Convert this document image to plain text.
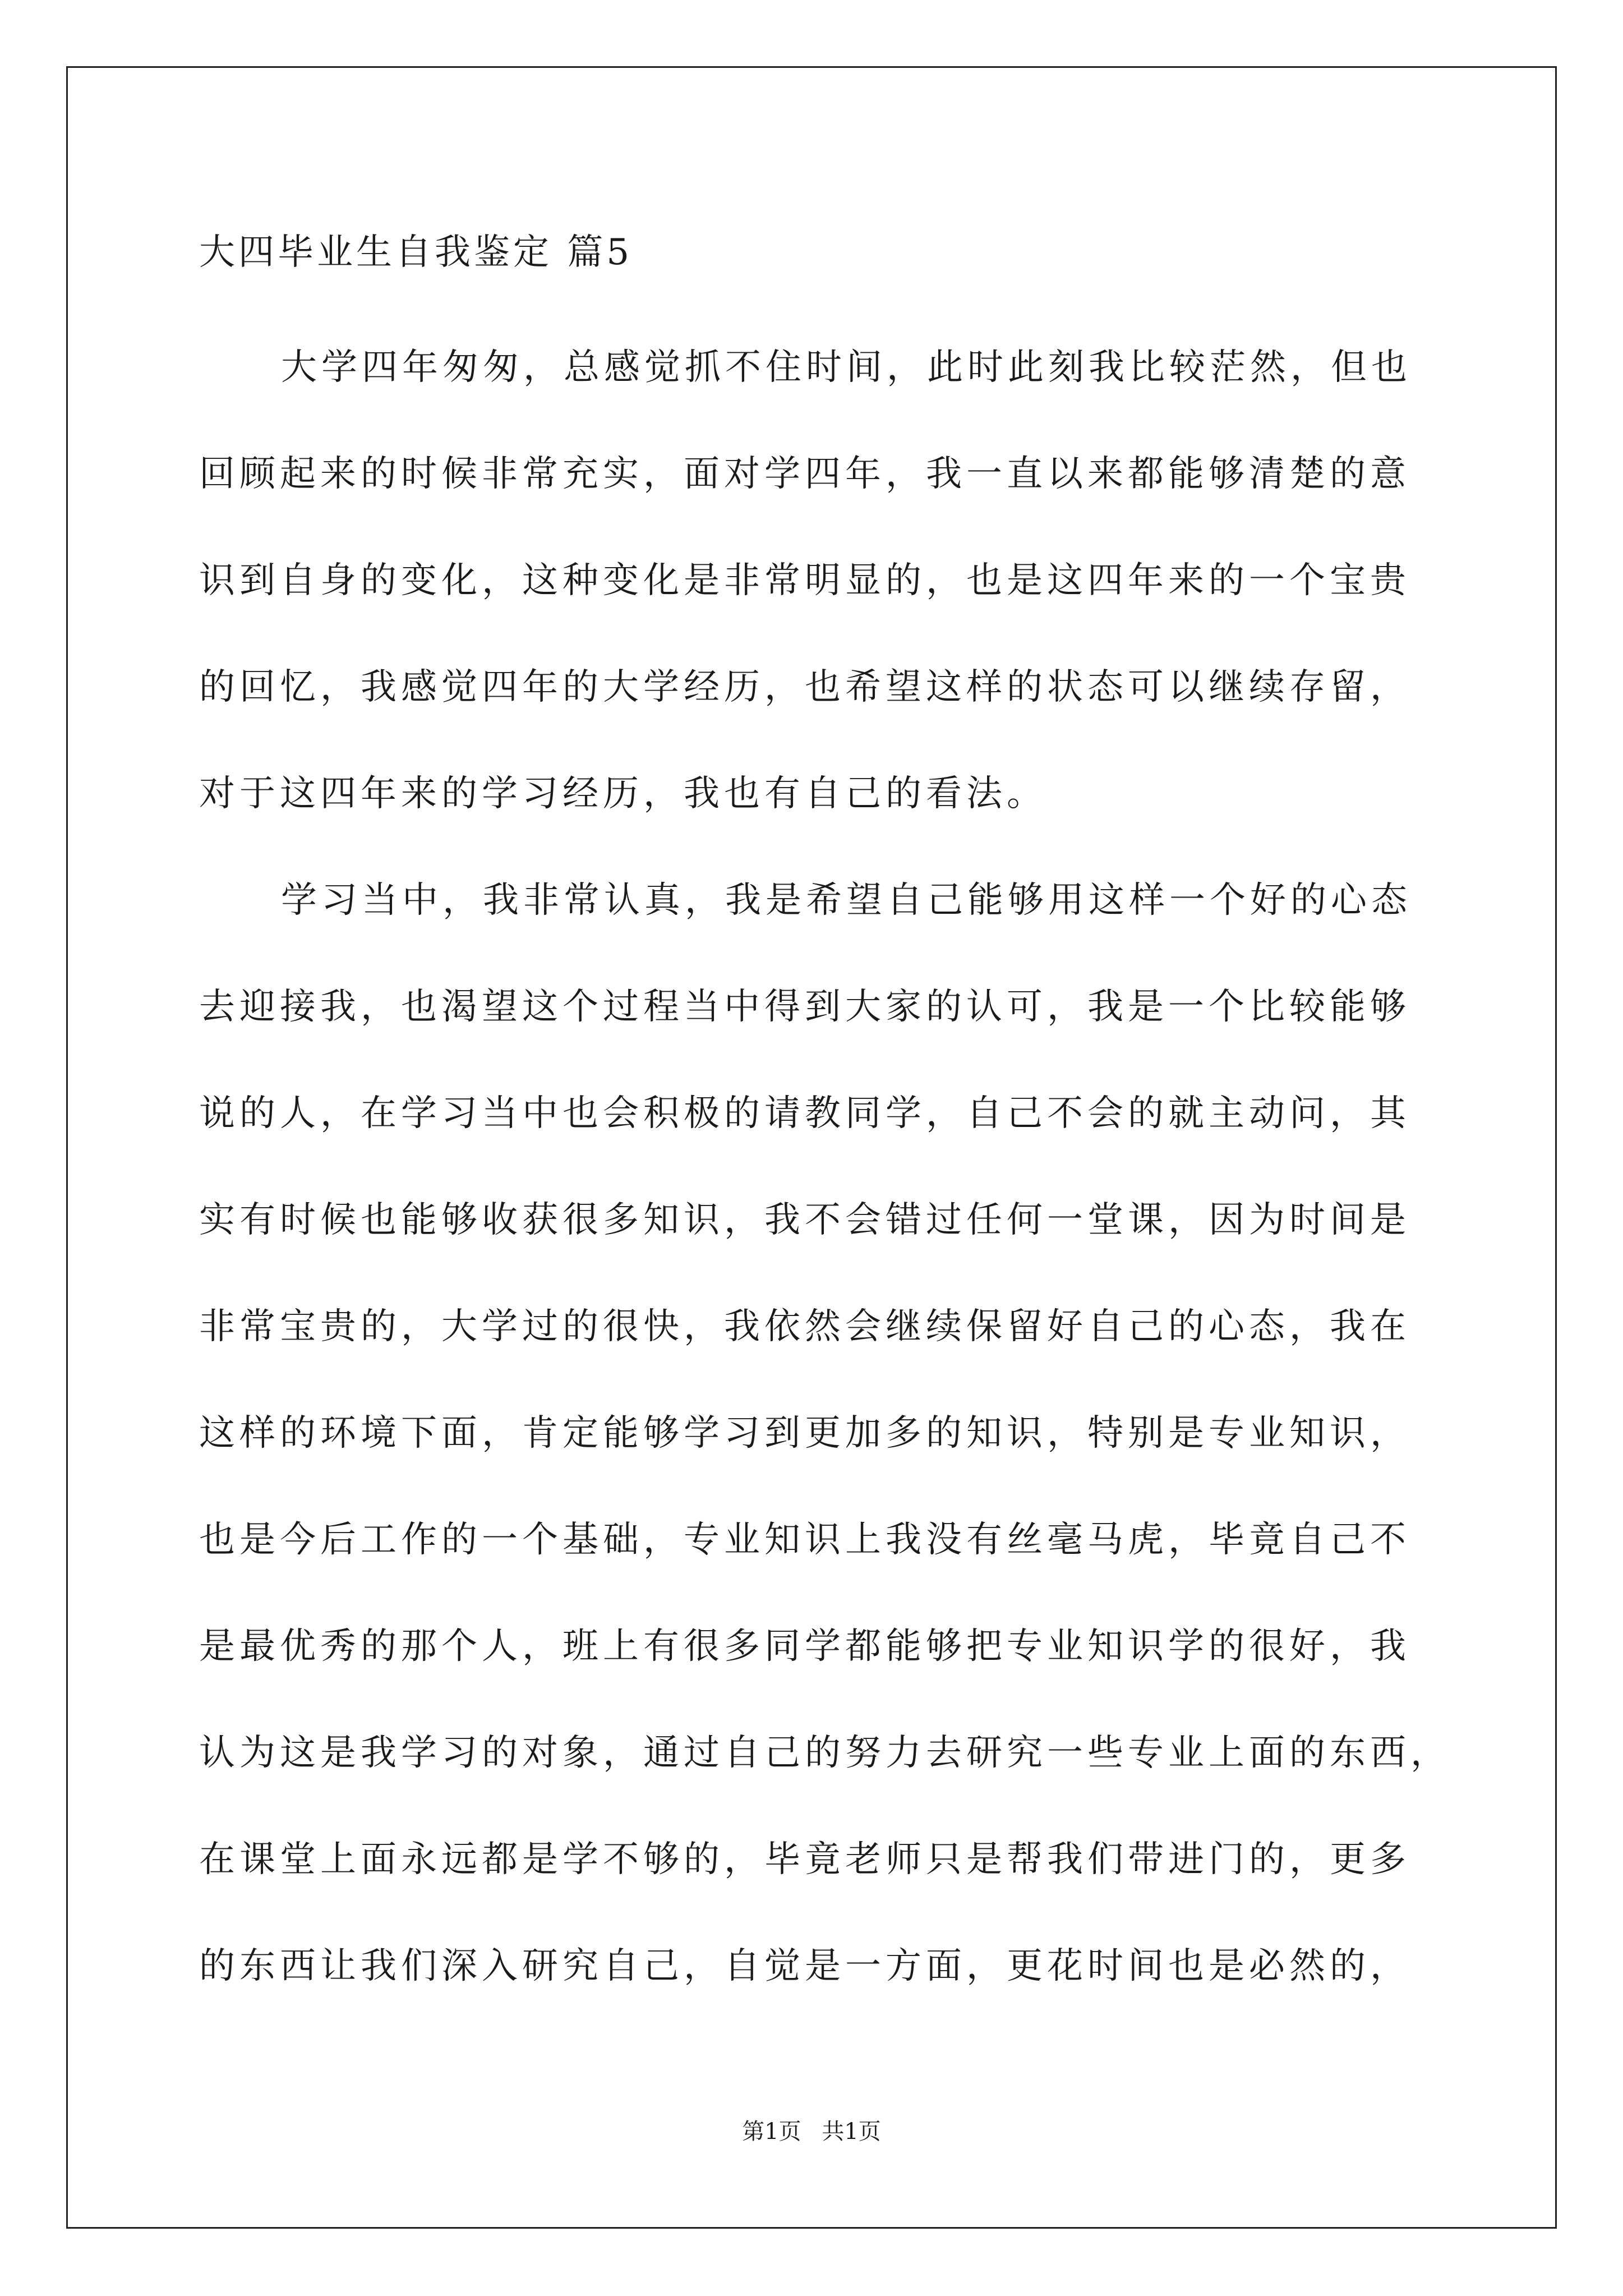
大四毕业生自我鉴定 篇5
大学四年匆匆，总感觉抓不住时间，此时此刻我比较茫然，但也
回顾起来的时候非常充实，面对学四年，我一直以来都能够清楚的意
识到自身的变化，这种变化是非常明显的，也是这四年来的一个宝贵
的回忆，我感觉四年的大学经历，也希望这样的状态可以继续存留，
对于这四年来的学习经历，我也有自己的看法。
学习当中，我非常认真，我是希望自己能够用这样一个好的心态
去迎接我，也渴望这个过程当中得到大家的认可，我是一个比较能够
说的人，在学习当中也会积极的请教同学，自己不会的就主动问，其
实有时候也能够收获很多知识，我不会错过任何一堂课，因为时间是
非常宝贵的，大学过的很快，我依然会继续保留好自己的心态，我在
这样的环境下面，肯定能够学习到更加多的知识，特别是专业知识，
也是今后工作的一个基础，专业知识上我没有丝毫马虎，毕竟自己不
是最优秀的那个人，班上有很多同学都能够把专业知识学的很好，我
认为这是我学习的对象，通过自己的努力去研究一些专业上面的东西，
在课堂上面永远都是学不够的，毕竟老师只是帮我们带进门的，更多
的东西让我们深入研究自己，自觉是一方面，更花时间也是必然的，
第1页 共1页
